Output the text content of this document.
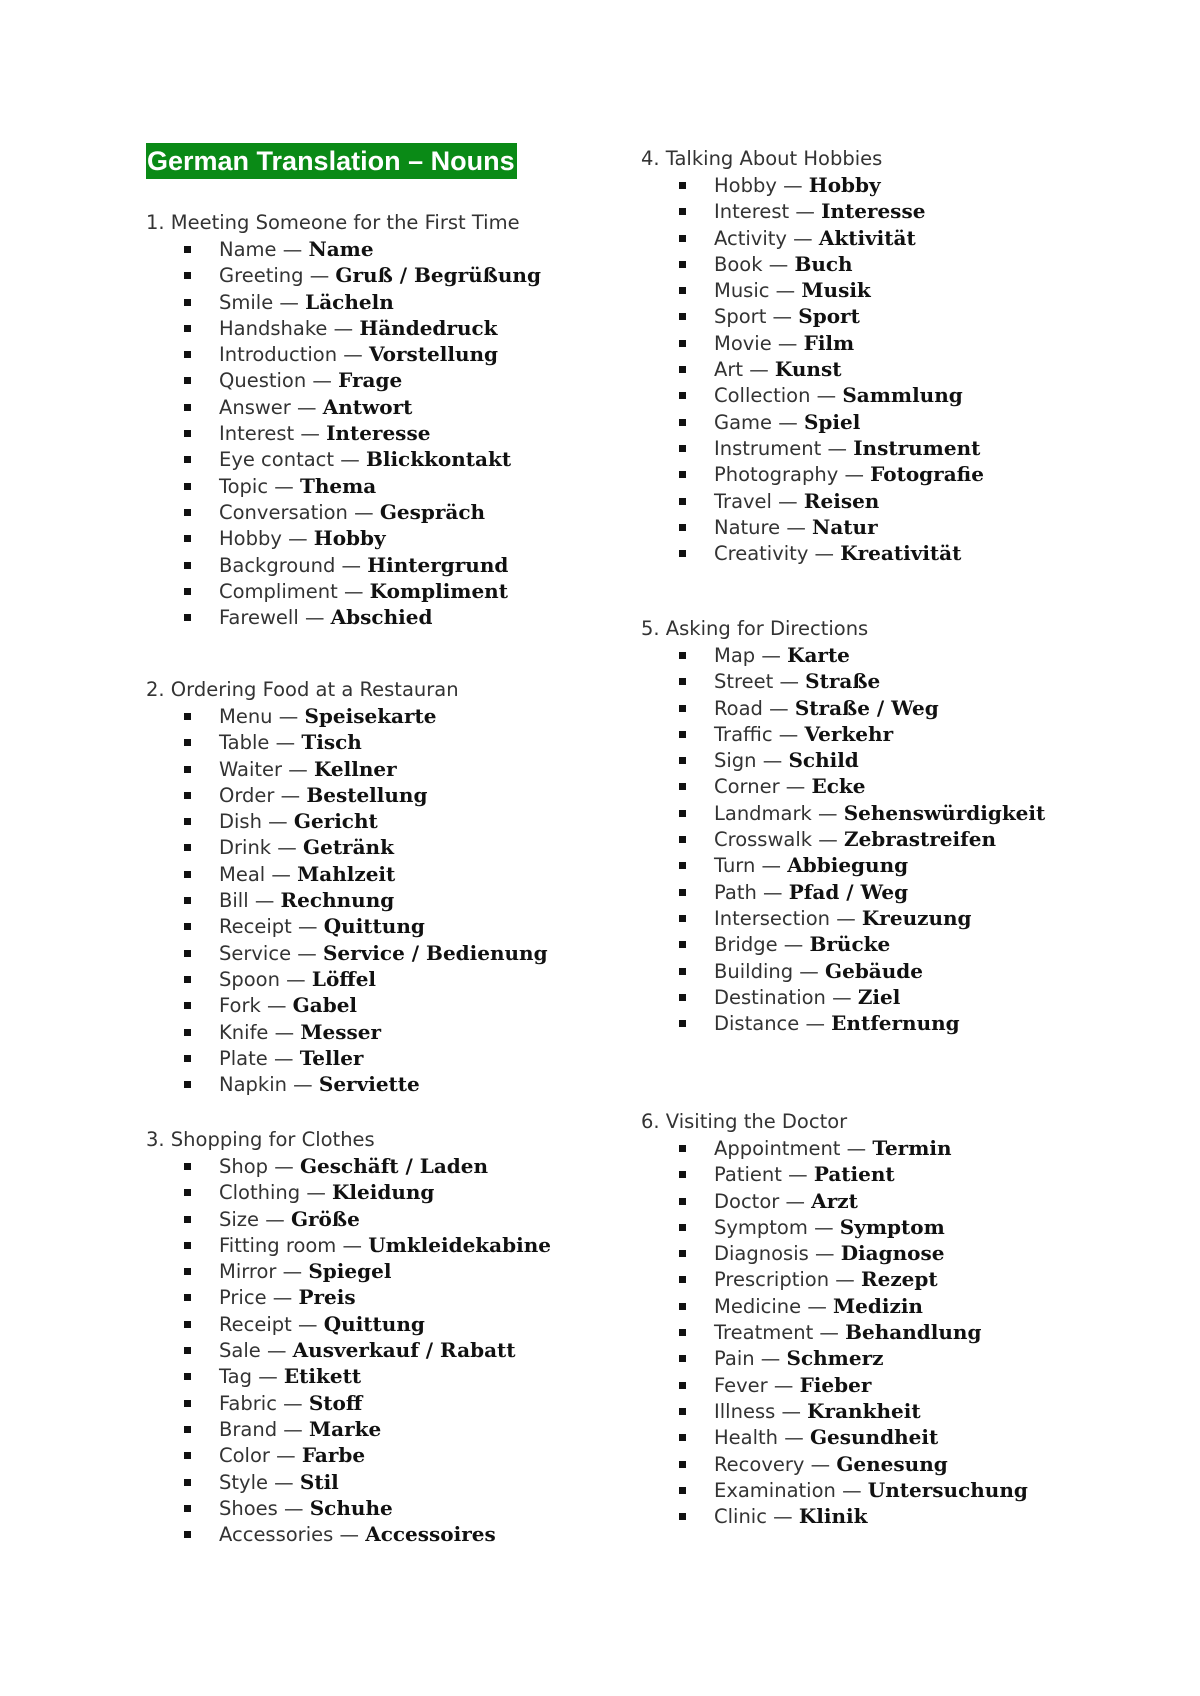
German Translation – Nouns
1. Meeting Someone for the First Time
Name — Name
Greeting — Gruß / Begrüßung
Smile — Lächeln
Handshake — Händedruck
Introduction — Vorstellung
Question — Frage
Answer — Antwort
Interest — Interesse
Eye contact — Blickkontakt
Topic — Thema
Conversation — Gespräch
Hobby — Hobby
Background — Hintergrund
Compliment — Kompliment
Farewell — Abschied
2. Ordering Food at a Restauran
Menu — Speisekarte
Table — Tisch
Waiter — Kellner
Order — Bestellung
Dish — Gericht
Drink — Getränk
Meal — Mahlzeit
Bill — Rechnung
Receipt — Quittung
Service — Service / Bedienung
Spoon — Löffel
Fork — Gabel
Knife — Messer
Plate — Teller
Napkin — Serviette
3. Shopping for Clothes
Shop — Geschäft / Laden
Clothing — Kleidung
Size — Größe
Fitting room — Umkleidekabine
Mirror — Spiegel
Price — Preis
Receipt — Quittung
Sale — Ausverkauf / Rabatt
Tag — Etikett
Fabric — Stoff
Brand — Marke
Color — Farbe
Style — Stil
Shoes — Schuhe
Accessories — Accessoires
4. Talking About Hobbies
Hobby — Hobby
Interest — Interesse
Activity — Aktivität
Book — Buch
Music — Musik
Sport — Sport
Movie — Film
Art — Kunst
Collection — Sammlung
Game — Spiel
Instrument — Instrument
Photography — Fotografie
Travel — Reisen
Nature — Natur
Creativity — Kreativität
5. Asking for Directions
Map — Karte
Street — Straße
Road — Straße / Weg
Traffic — Verkehr
Sign — Schild
Corner — Ecke
Landmark — Sehenswürdigkeit
Crosswalk — Zebrastreifen
Turn — Abbiegung
Path — Pfad / Weg
Intersection — Kreuzung
Bridge — Brücke
Building — Gebäude
Destination — Ziel
Distance — Entfernung
6. Visiting the Doctor
Appointment — Termin
Patient — Patient
Doctor — Arzt
Symptom — Symptom
Diagnosis — Diagnose
Prescription — Rezept
Medicine — Medizin
Treatment — Behandlung
Pain — Schmerz
Fever — Fieber
Illness — Krankheit
Health — Gesundheit
Recovery — Genesung
Examination — Untersuchung
Clinic — Klinik
